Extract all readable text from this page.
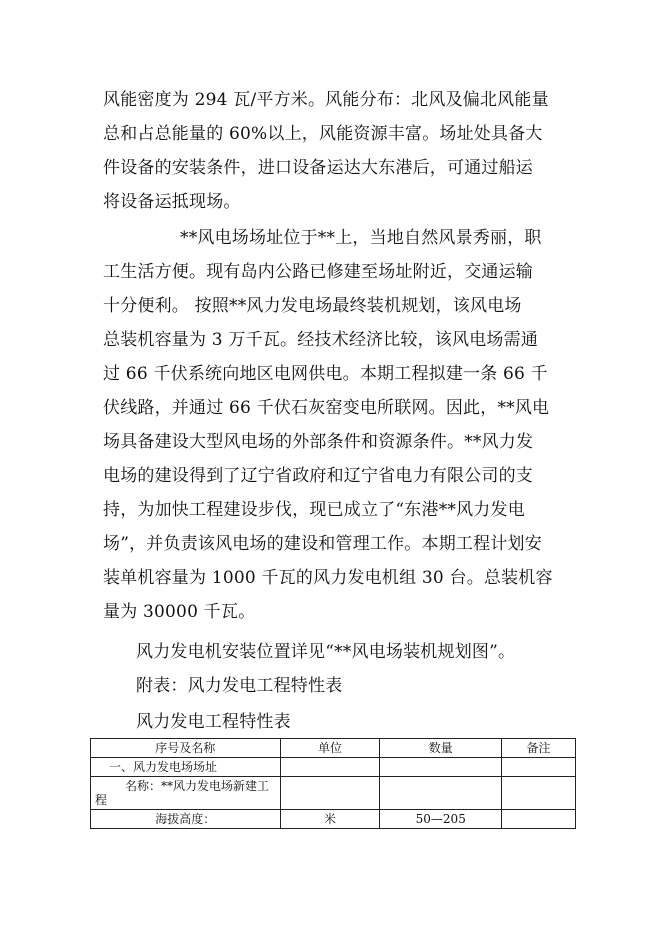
风能密度为 294 瓦/平方米。风能分布：北风及偏北风能量
总和占总能量的 60%以上，风能资源丰富。场址处具备大
件设备的安装条件，进口设备运达大东港后，可通过船运
将设备运抵现场。
**风电场场址位于**上，当地自然风景秀丽，职
工生活方便。现有岛内公路已修建至场址附近，交通运输
十分便利。 按照**风力发电场最终装机规划，该风电场
总装机容量为 3 万千瓦。经技术经济比较，该风电场需通
过 66 千伏系统向地区电网供电。本期工程拟建一条 66 千
伏线路，并通过 66 千伏石灰窑变电所联网。因此，**风电
场具备建设大型风电场的外部条件和资源条件。**风力发
电场的建设得到了辽宁省政府和辽宁省电力有限公司的支
持，为加快工程建设步伐，现已成立了“东港**风力发电
场”，并负责该风电场的建设和管理工作。本期工程计划安
装单机容量为 1000 千瓦的风力发电机组 30 台。总装机容
量为 30000 千瓦。
风力发电机安装位置详见“**风电场装机规划图”。
附表：风力发电工程特性表
风力发电工程特性表
序号及名称	单位	数量	备注
一、风力发电场场址			
名称：**风力发电场新建工程			
海拔高度：	米	50—205	
